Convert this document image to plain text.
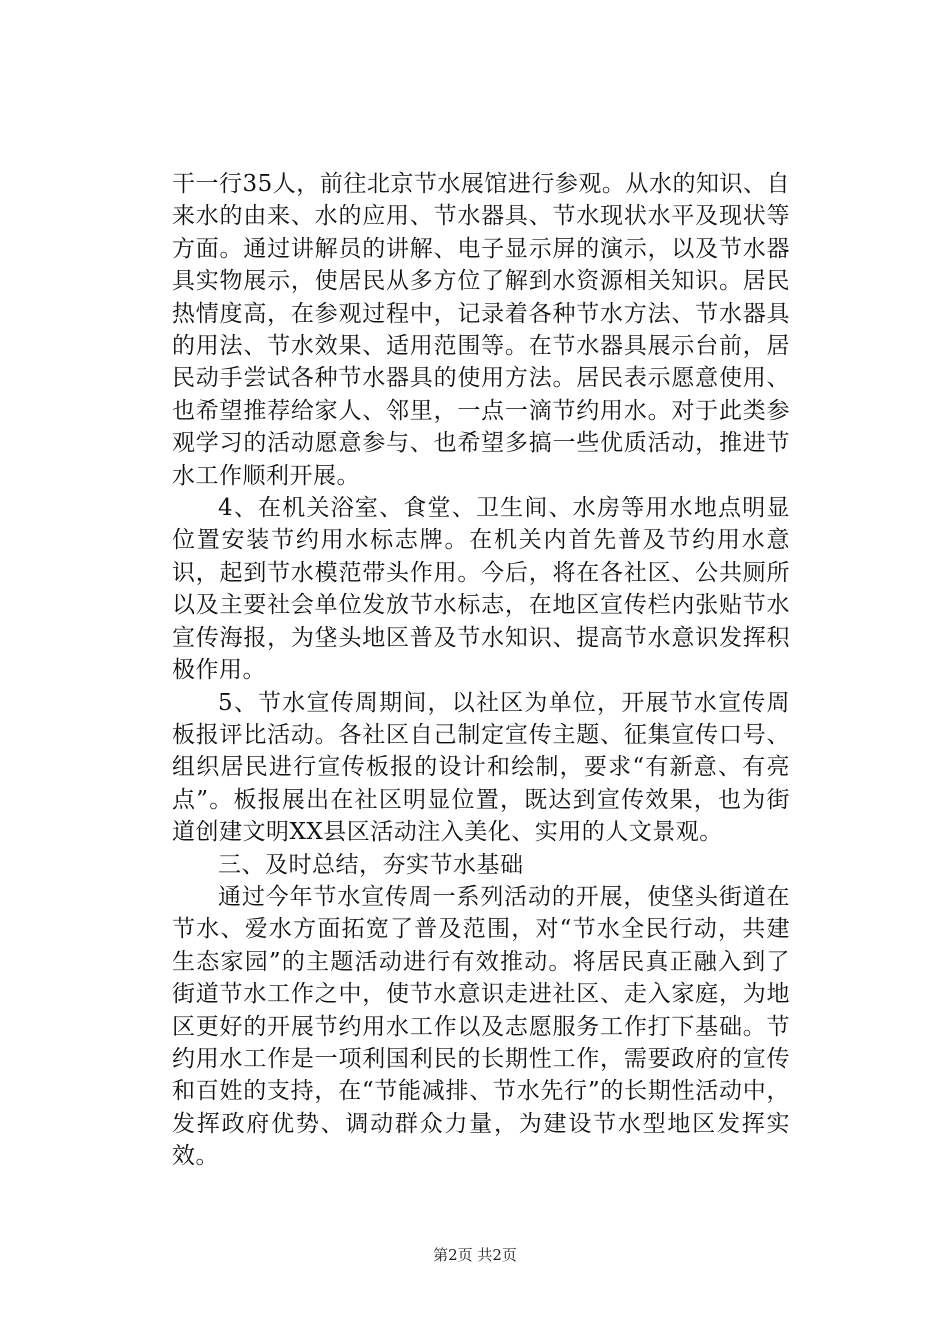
干一行35人，前往北京节水展馆进行参观。从水的知识、自来水的由来、水的应用、节水器具、节水现状水平及现状等方面。通过讲解员的讲解、电子显示屏的演示，以及节水器具实物展示，使居民从多方位了解到水资源相关知识。居民热情度高，在参观过程中，记录着各种节水方法、节水器具的用法、节水效果、适用范围等。在节水器具展示台前，居民动手尝试各种节水器具的使用方法。居民表示愿意使用、也希望推荐给家人、邻里，一点一滴节约用水。对于此类参观学习的活动愿意参与、也希望多搞一些优质活动，推进节水工作顺利开展。

4、在机关浴室、食堂、卫生间、水房等用水地点明显位置安装节约用水标志牌。在机关内首先普及节约用水意识，起到节水模范带头作用。今后，将在各社区、公共厕所以及主要社会单位发放节水标志，在地区宣传栏内张贴节水宣传海报，为垡头地区普及节水知识、提高节水意识发挥积极作用。

5、节水宣传周期间，以社区为单位，开展节水宣传周板报评比活动。各社区自己制定宣传主题、征集宣传口号、组织居民进行宣传板报的设计和绘制，要求“有新意、有亮点”。板报展出在社区明显位置，既达到宣传效果，也为街道创建文明XX县区活动注入美化、实用的人文景观。

三、及时总结，夯实节水基础

通过今年节水宣传周一系列活动的开展，使垡头街道在节水、爱水方面拓宽了普及范围，对“节水全民行动，共建生态家园”的主题活动进行有效推动。将居民真正融入到了街道节水工作之中，使节水意识走进社区、走入家庭，为地区更好的开展节约用水工作以及志愿服务工作打下基础。节约用水工作是一项利国利民的长期性工作，需要政府的宣传和百姓的支持，在“节能减排、节水先行”的长期性活动中，发挥政府优势、调动群众力量，为建设节水型地区发挥实效。

第2页 共2页
